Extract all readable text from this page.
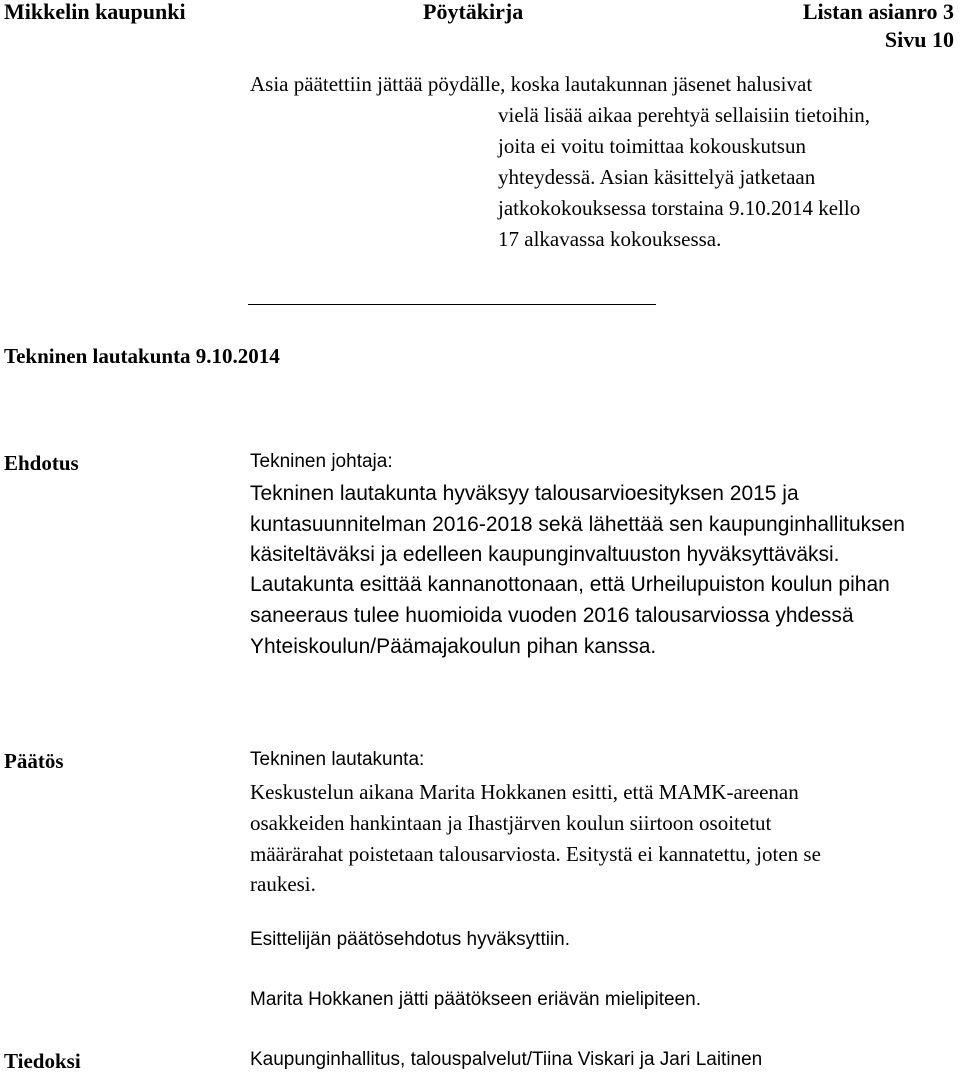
Mikkelin kaupunki	Pöytäkirja	Listan asianro 3
Sivu 10
Asia päätettiin jättää pöydälle, koska lautakunnan jäsenet halusivat
vielä lisää aikaa perehtyä sellaisiin tietoihin,
joita ei voitu toimittaa kokouskutsun
yhteydessä. Asian käsittelyä jatketaan
jatkokokouksessa torstaina 9.10.2014 kello
17 alkavassa kokouksessa.
Tekninen lautakunta 9.10.2014
Ehdotus	Tekninen johtaja:
Tekninen lautakunta hyväksyy talousarvioesityksen 2015 ja
kuntasuunnitelman 2016-2018 sekä lähettää sen kaupunginhallituksen
käsiteltäväksi ja edelleen kaupunginvaltuuston hyväksyttäväksi.
Lautakunta esittää kannanottonaan, että Urheilupuiston koulun pihan
saneeraus tulee huomioida vuoden 2016 talousarviossa yhdessä
Yhteiskoulun/Päämajakoulun pihan kanssa.
Päätös	Tekninen lautakunta:
Keskustelun aikana Marita Hokkanen esitti, että MAMK-areenan
osakkeiden hankintaan ja Ihastjärven koulun siirtoon osoitetut
määrärahat poistetaan talousarviosta. Esitystä ei kannatettu, joten se
raukesi.
Esittelijän päätösehdotus hyväksyttiin.
Marita Hokkanen jätti päätökseen eriävän mielipiteen.
Tiedoksi	Kaupunginhallitus, talouspalvelut/Tiina Viskari ja Jari Laitinen
